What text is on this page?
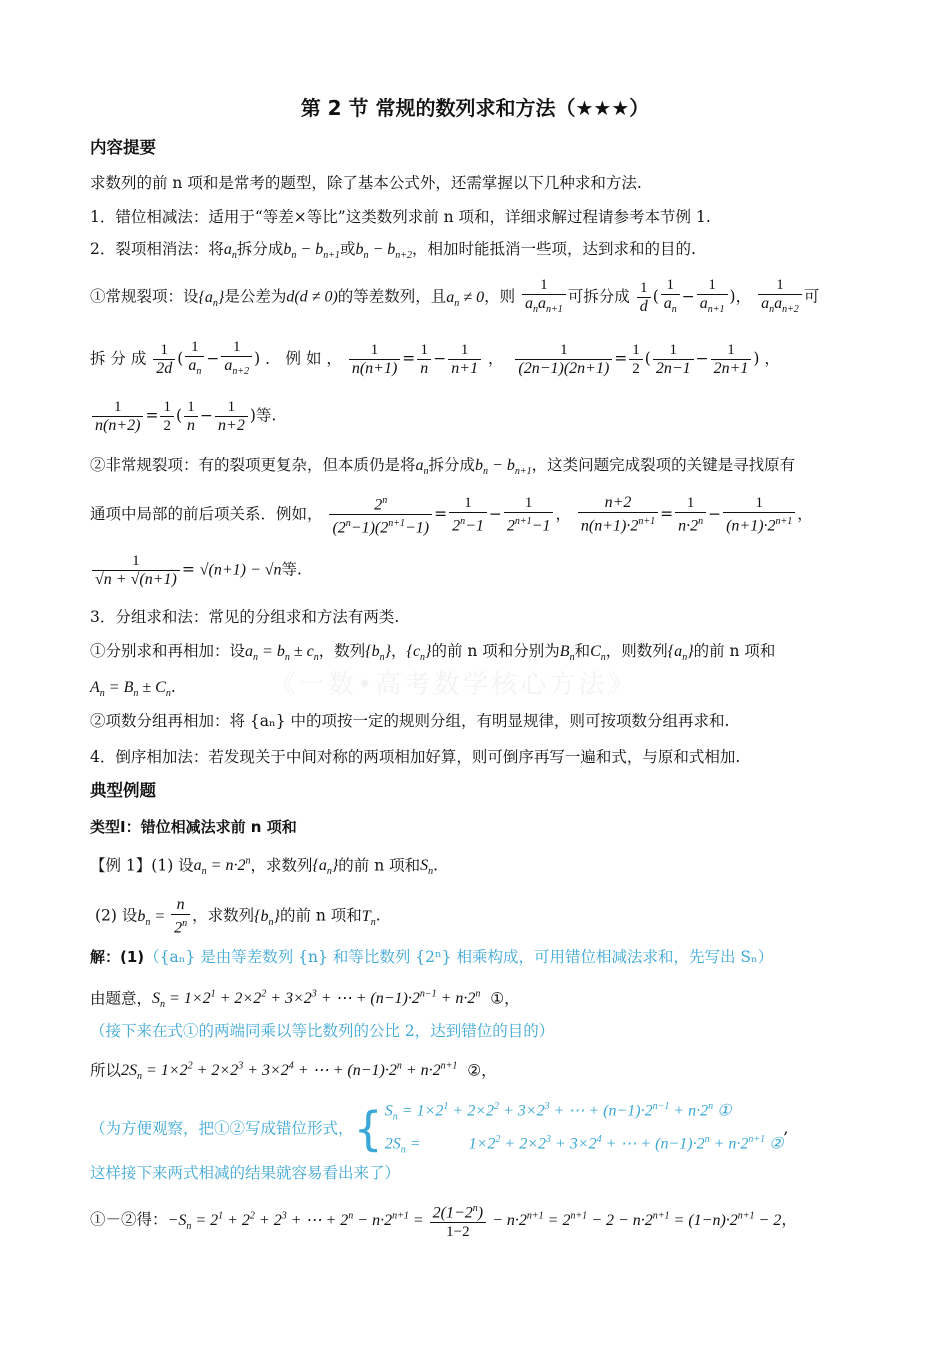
《一数•高考数学核心方法》
第 2 节 常规的数列求和方法（★★★）
内容提要
求数列的前 n 项和是常考的题型，除了基本公式外，还需掌握以下几种求和方法.
1．错位相减法：适用于“等差×等比”这类数列求前 n 项和，详细求解过程请参考本节例 1.
2．裂项相消法：将$a_n$拆分成$b_n - b_{n+1}$或$b_n - b_{n+2}$，相加时能抵消一些项，达到求和的目的.
①常规裂项：设$\{a_n\}$是公差为d(d ≠ 0)的等差数列，且$a_n \ne 0$，则 $\frac{1}{a_na_{n+1}}$ 可拆分成 $\frac{1}{d}$ ( $\frac{1}{a_n} - \frac{1}{a_{n+1}}$ )， $\frac{1}{a_na_{n+2}}$ 可
拆 分 成 $\frac{1}{2d}$ ( $\frac{1}{a_n} - \frac{1}{a_{n+2}}$ ) ． 例 如 ， $\frac{1}{n(n+1)} = \frac{1}{n} - \frac{1}{n+1}$ ， $\frac{1}{(2n-1)(2n+1)} = \frac{1}{2}$ ( $\frac{1}{2n-1} - \frac{1}{2n+1}$ ) ，
$\frac{1}{n(n+2)} = \frac{1}{2}$ ( $\frac{1}{n} - \frac{1}{n+2}$ )等.
②非常规裂项：有的裂项更复杂，但本质仍是将$a_n$拆分成$b_n - b_{n+1}$，这类问题完成裂项的关键是寻找原有
通项中局部的前后项关系．例如， $\frac{2^n}{(2^n-1)(2^{n+1}-1)} = \frac{1}{2^n-1} - \frac{1}{2^{n+1}-1}$ ， $\frac{n+2}{n(n+1)\cdot 2^{n+1}} = \frac{1}{n\cdot 2^n} - \frac{1}{(n+1)\cdot 2^{n+1}}$ ，
$\frac{1}{√n + √(n+1)} = √(n+1) - √n$等.
3．分组求和法：常见的分组求和方法有两类.
①分别求和再相加：设$a_n = b_n \pm c_n$，数列$\{b_n\}$，$\{c_n\}$的前 n 项和分别为$B_n$和$C_n$，则数列$\{a_n\}$的前 n 项和
$A_n = B_n \pm C_n$.
②项数分组再相加：将 {aₙ} 中的项按一定的规则分组，有明显规律，则可按项数分组再求和.
4．倒序相加法：若发现关于中间对称的两项相加好算，则可倒序再写一遍和式，与原和式相加.
典型例题
类型Ⅰ：错位相减法求前 n 项和
【例 1】(1) 设$a_n = n\cdot 2^n$，求数列$\{a_n\}$的前 n 项和$S_n$.
(2) 设$b_n = \frac{n}{2^n}$ ，求数列$\{b_n\}$的前 n 项和$T_n$.
解：(1)（{aₙ} 是由等差数列 {n} 和等比数列 {2ⁿ} 相乘构成，可用错位相减法求和，先写出 Sₙ）
由题意，$S_n = 1\times 2^1 + 2\times 2^2 + 3\times 2^3$ + ⋯ + $(n-1)\cdot 2^{n-1} + n\cdot 2^n$  ①，
（接下来在式①的两端同乘以等比数列的公比 2，达到错位的目的）
所以$2S_n = 1\times 2^2 + 2\times 2^3 + 3\times 2^4$ + ⋯ + $(n-1)\cdot 2^n + n\cdot 2^{n+1}$  ②，
（为方便观察，把①②写成错位形式，{$S_n = 1\times 2^1 + 2\times 2^2 + 3\times 2^3$ + ⋯ + $(n-1)\cdot 2^{n-1} + n\cdot 2^n$ ①
$2S_n$ =            $1\times 2^2 + 2\times 2^3 + 3\times 2^4$ + ⋯ + $(n-1)\cdot 2^n + n\cdot 2^{n+1}$ ②,
这样接下来两式相减的结果就容易看出来了）
①－②得：$-S_n = 2^1 + 2^2 + 2^3$ + ⋯ + $2^n - n\cdot 2^{n+1} = \frac{2(1-2^n)}{1-2} - n\cdot 2^{n+1} = 2^{n+1} - 2 - n\cdot 2^{n+1} = (1-n)\cdot 2^{n+1} - 2$，
